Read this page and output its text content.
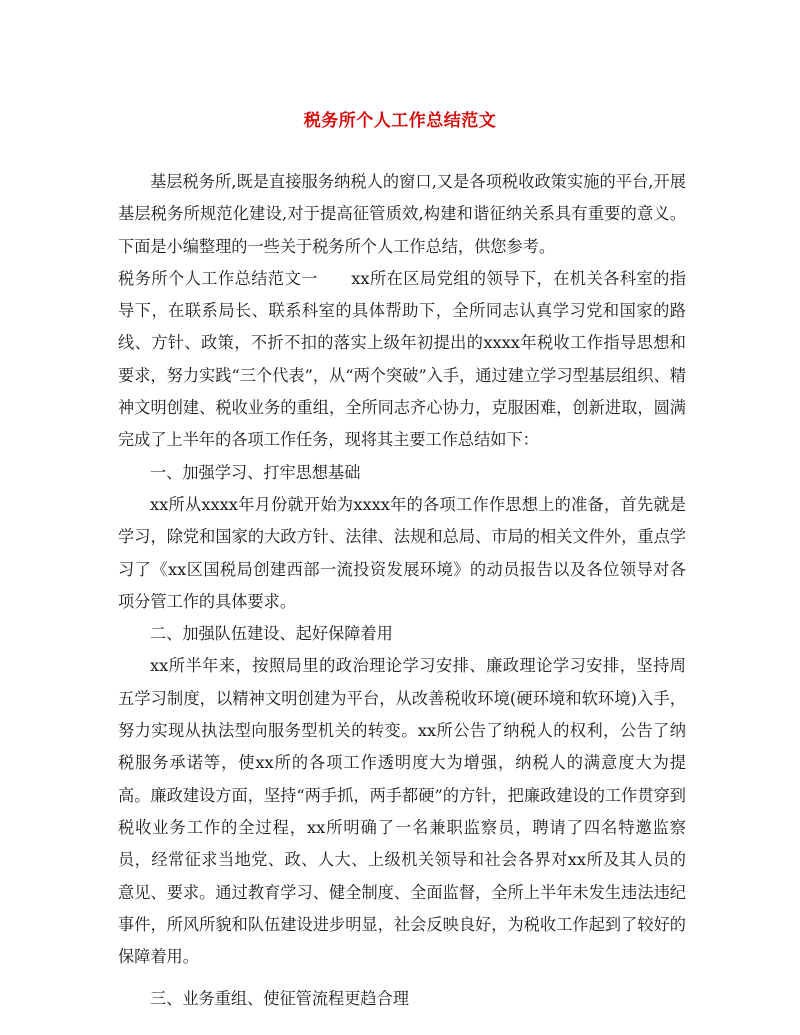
税务所个人工作总结范文

基层税务所,既是直接服务纳税人的窗口,又是各项税收政策实施的平台,开展基层税务所规范化建设,对于提高征管质效,构建和谐征纳关系具有重要的意义。下面是小编整理的一些关于税务所个人工作总结，供您参考。

税务所个人工作总结范文一　　xx所在区局党组的领导下，在机关各科室的指导下，在联系局长、联系科室的具体帮助下，全所同志认真学习党和国家的路线、方针、政策，不折不扣的落实上级年初提出的xxxx年税收工作指导思想和要求，努力实践“三个代表”，从“两个突破”入手，通过建立学习型基层组织、精神文明创建、税收业务的重组，全所同志齐心协力，克服困难，创新进取，圆满完成了上半年的各项工作任务，现将其主要工作总结如下：

一、加强学习、打牢思想基础

xx所从xxxx年月份就开始为xxxx年的各项工作作思想上的准备，首先就是学习，除党和国家的大政方针、法律、法规和总局、市局的相关文件外，重点学习了《xx区国税局创建西部一流投资发展环境》的动员报告以及各位领导对各项分管工作的具体要求。

二、加强队伍建设、起好保障着用

xx所半年来，按照局里的政治理论学习安排、廉政理论学习安排，坚持周五学习制度，以精神文明创建为平台，从改善税收环境(硬环境和软环境)入手，努力实现从执法型向服务型机关的转变。xx所公告了纳税人的权利，公告了纳税服务承诺等，使xx所的各项工作透明度大为增强，纳税人的满意度大为提高。廉政建设方面，坚持“两手抓，两手都硬”的方针，把廉政建设的工作贯穿到税收业务工作的全过程，xx所明确了一名兼职监察员，聘请了四名特邀监察员，经常征求当地党、政、人大、上级机关领导和社会各界对xx所及其人员的意见、要求。通过教育学习、健全制度、全面监督，全所上半年未发生违法违纪事件，所风所貌和队伍建设进步明显，社会反映良好，为税收工作起到了较好的保障着用。

三、业务重组、使征管流程更趋合理
